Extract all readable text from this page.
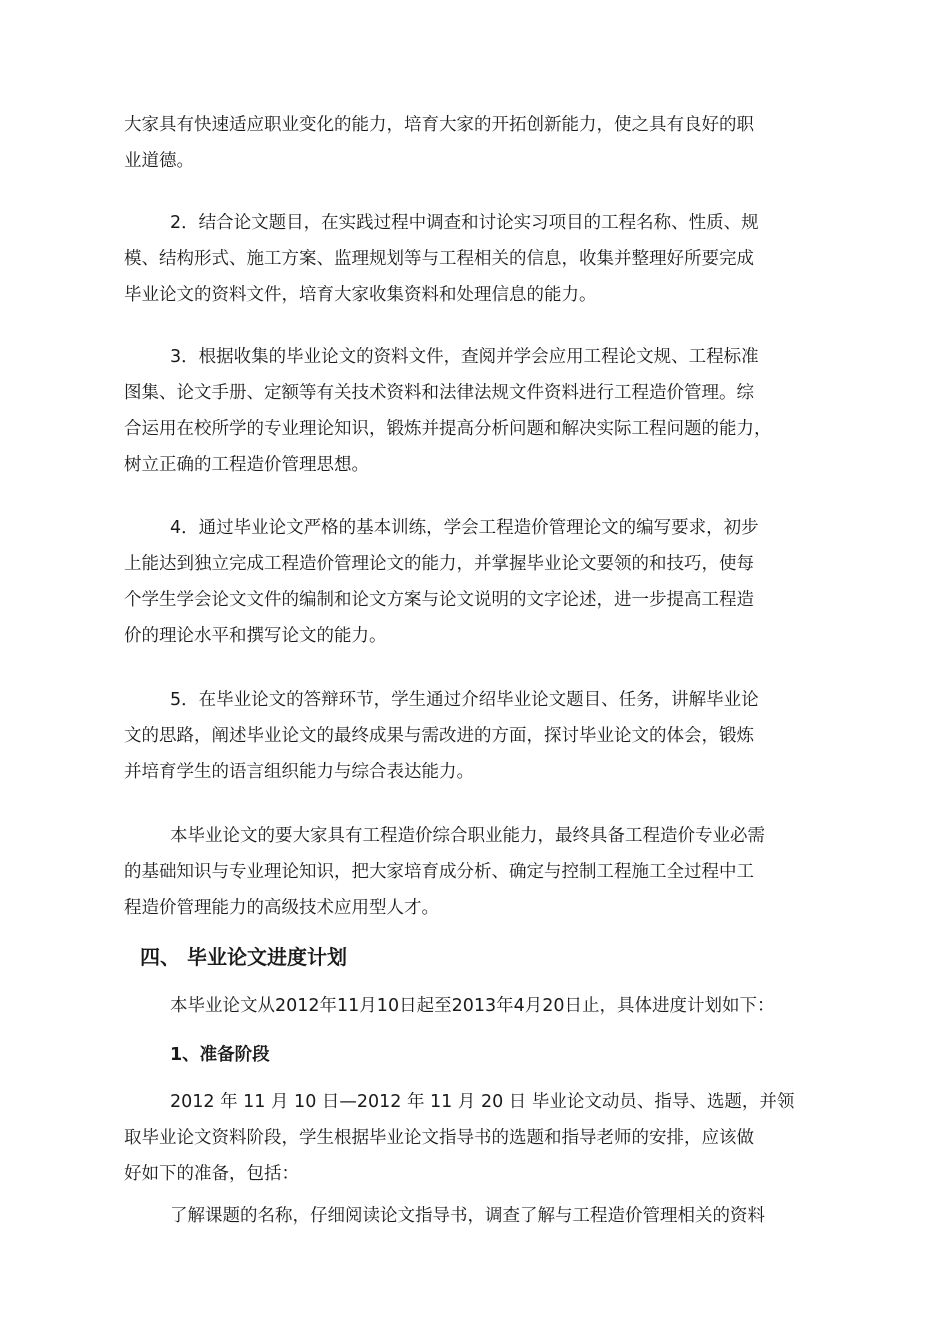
大家具有快速适应职业变化的能力，培育大家的开拓创新能力，使之具有良好的职
业道德。
2．结合论文题目，在实践过程中调查和讨论实习项目的工程名称、性质、规
模、结构形式、施工方案、监理规划等与工程相关的信息，收集并整理好所要完成
毕业论文的资料文件，培育大家收集资料和处理信息的能力。
3．根据收集的毕业论文的资料文件，查阅并学会应用工程论文规、工程标准
图集、论文手册、定额等有关技术资料和法律法规文件资料进行工程造价管理。综
合运用在校所学的专业理论知识，锻炼并提高分析问题和解决实际工程问题的能力，
树立正确的工程造价管理思想。
4．通过毕业论文严格的基本训练，学会工程造价管理论文的编写要求，初步
上能达到独立完成工程造价管理论文的能力，并掌握毕业论文要领的和技巧，使每
个学生学会论文文件的编制和论文方案与论文说明的文字论述，进一步提高工程造
价的理论水平和撰写论文的能力。
5．在毕业论文的答辩环节，学生通过介绍毕业论文题目、任务，讲解毕业论
文的思路，阐述毕业论文的最终成果与需改进的方面，探讨毕业论文的体会，锻炼
并培育学生的语言组织能力与综合表达能力。
本毕业论文的要大家具有工程造价综合职业能力，最终具备工程造价专业必需
的基础知识与专业理论知识，把大家培育成分析、确定与控制工程施工全过程中工
程造价管理能力的高级技术应用型人才。
四、 毕业论文进度计划
本毕业论文从2012年11月10日起至2013年4月20日止，具体进度计划如下：
1、准备阶段
2012 年 11 月 10 日—2012 年 11 月 20 日 毕业论文动员、指导、选题，并领
取毕业论文资料阶段，学生根据毕业论文指导书的选题和指导老师的安排，应该做
好如下的准备，包括：
了解课题的名称，仔细阅读论文指导书，调查了解与工程造价管理相关的资料
